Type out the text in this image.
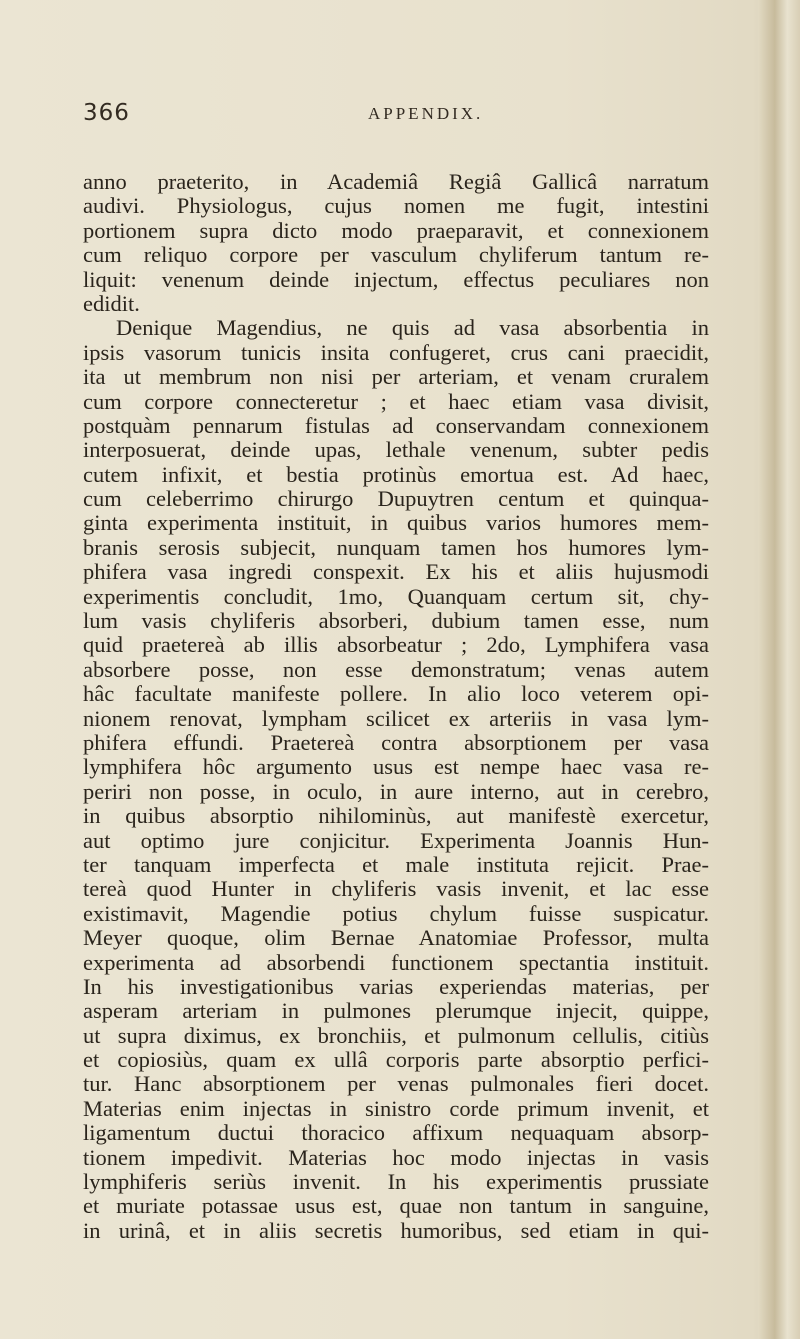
366	APPENDIX.
anno praeterito, in Academiâ Regiâ Gallicâ narratum
audivi. Physiologus, cujus nomen me fugit, intestini
portionem supra dicto modo praeparavit, et connexionem
cum reliquo corpore per vasculum chyliferum tantum re-
liquit: venenum deinde injectum, effectus peculiares non
edidit.
Denique Magendius, ne quis ad vasa absorbentia in
ipsis vasorum tunicis insita confugeret, crus cani praecidit,
ita ut membrum non nisi per arteriam, et venam cruralem
cum corpore connecteretur ; et haec etiam vasa divisit,
postquàm pennarum fistulas ad conservandam connexionem
interposuerat, deinde upas, lethale venenum, subter pedis
cutem infixit, et bestia protinùs emortua est. Ad haec,
cum celeberrimo chirurgo Dupuytren centum et quinqua-
ginta experimenta instituit, in quibus varios humores mem-
branis serosis subjecit, nunquam tamen hos humores lym-
phifera vasa ingredi conspexit. Ex his et aliis hujusmodi
experimentis concludit, 1mo, Quanquam certum sit, chy-
lum vasis chyliferis absorberi, dubium tamen esse, num
quid praetereà ab illis absorbeatur ; 2do, Lymphifera vasa
absorbere posse, non esse demonstratum; venas autem
hâc facultate manifeste pollere. In alio loco veterem opi-
nionem renovat, lympham scilicet ex arteriis in vasa lym-
phifera effundi. Praetereà contra absorptionem per vasa
lymphifera hôc argumento usus est nempe haec vasa re-
periri non posse, in oculo, in aure interno, aut in cerebro,
in quibus absorptio nihilominùs, aut manifestè exercetur,
aut optimo jure conjicitur. Experimenta Joannis Hun-
ter tanquam imperfecta et male instituta rejicit. Prae-
tereà quod Hunter in chyliferis vasis invenit, et lac esse
existimavit, Magendie potius chylum fuisse suspicatur.
Meyer quoque, olim Bernae Anatomiae Professor, multa
experimenta ad absorbendi functionem spectantia instituit.
In his investigationibus varias experiendas materias, per
asperam arteriam in pulmones plerumque injecit, quippe,
ut supra diximus, ex bronchiis, et pulmonum cellulis, citiùs
et copiosiùs, quam ex ullâ corporis parte absorptio perfici-
tur. Hanc absorptionem per venas pulmonales fieri docet.
Materias enim injectas in sinistro corde primum invenit, et
ligamentum ductui thoracico affixum nequaquam absorp-
tionem impedivit. Materias hoc modo injectas in vasis
lymphiferis seriùs invenit. In his experimentis prussiate
et muriate potassae usus est, quae non tantum in sanguine,
in urinâ, et in aliis secretis humoribus, sed etiam in qui-
